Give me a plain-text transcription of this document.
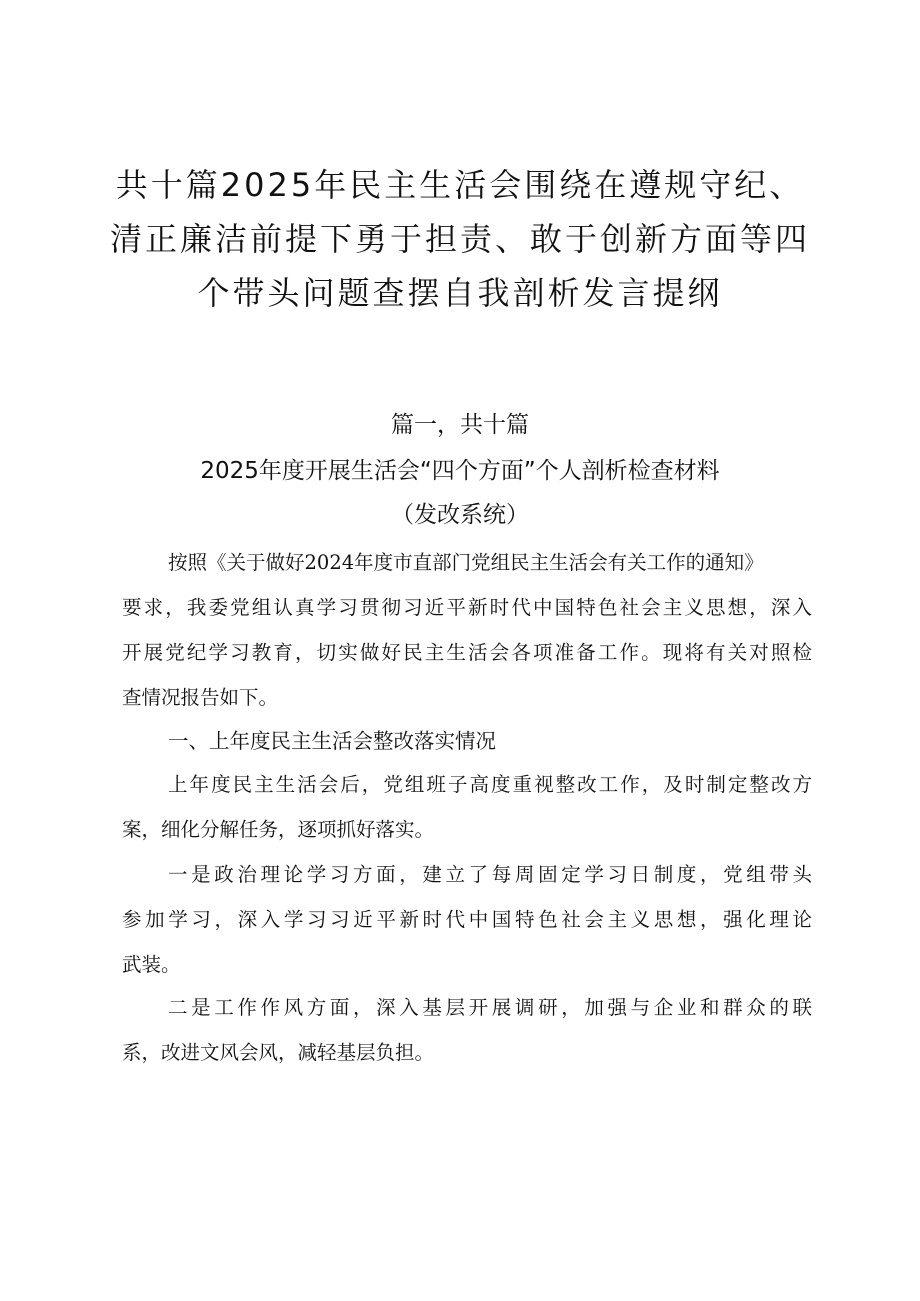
共十篇2025年民主生活会围绕在遵规守纪、
清正廉洁前提下勇于担责、敢于创新方面等四
个带头问题查摆自我剖析发言提纲
篇一，共十篇
2025年度开展生活会“四个方面”个人剖析检查材料
（发改系统）
按照《关于做好2024年度市直部门党组民主生活会有关工作的通知》
要求，我委党组认真学习贯彻习近平新时代中国特色社会主义思想，深入
开展党纪学习教育，切实做好民主生活会各项准备工作。现将有关对照检
查情况报告如下。
一、上年度民主生活会整改落实情况
上年度民主生活会后，党组班子高度重视整改工作，及时制定整改方
案，细化分解任务，逐项抓好落实。
一是政治理论学习方面，建立了每周固定学习日制度，党组带头
参加学习，深入学习习近平新时代中国特色社会主义思想，强化理论
武装。
二是工作作风方面，深入基层开展调研，加强与企业和群众的联
系，改进文风会风，减轻基层负担。
